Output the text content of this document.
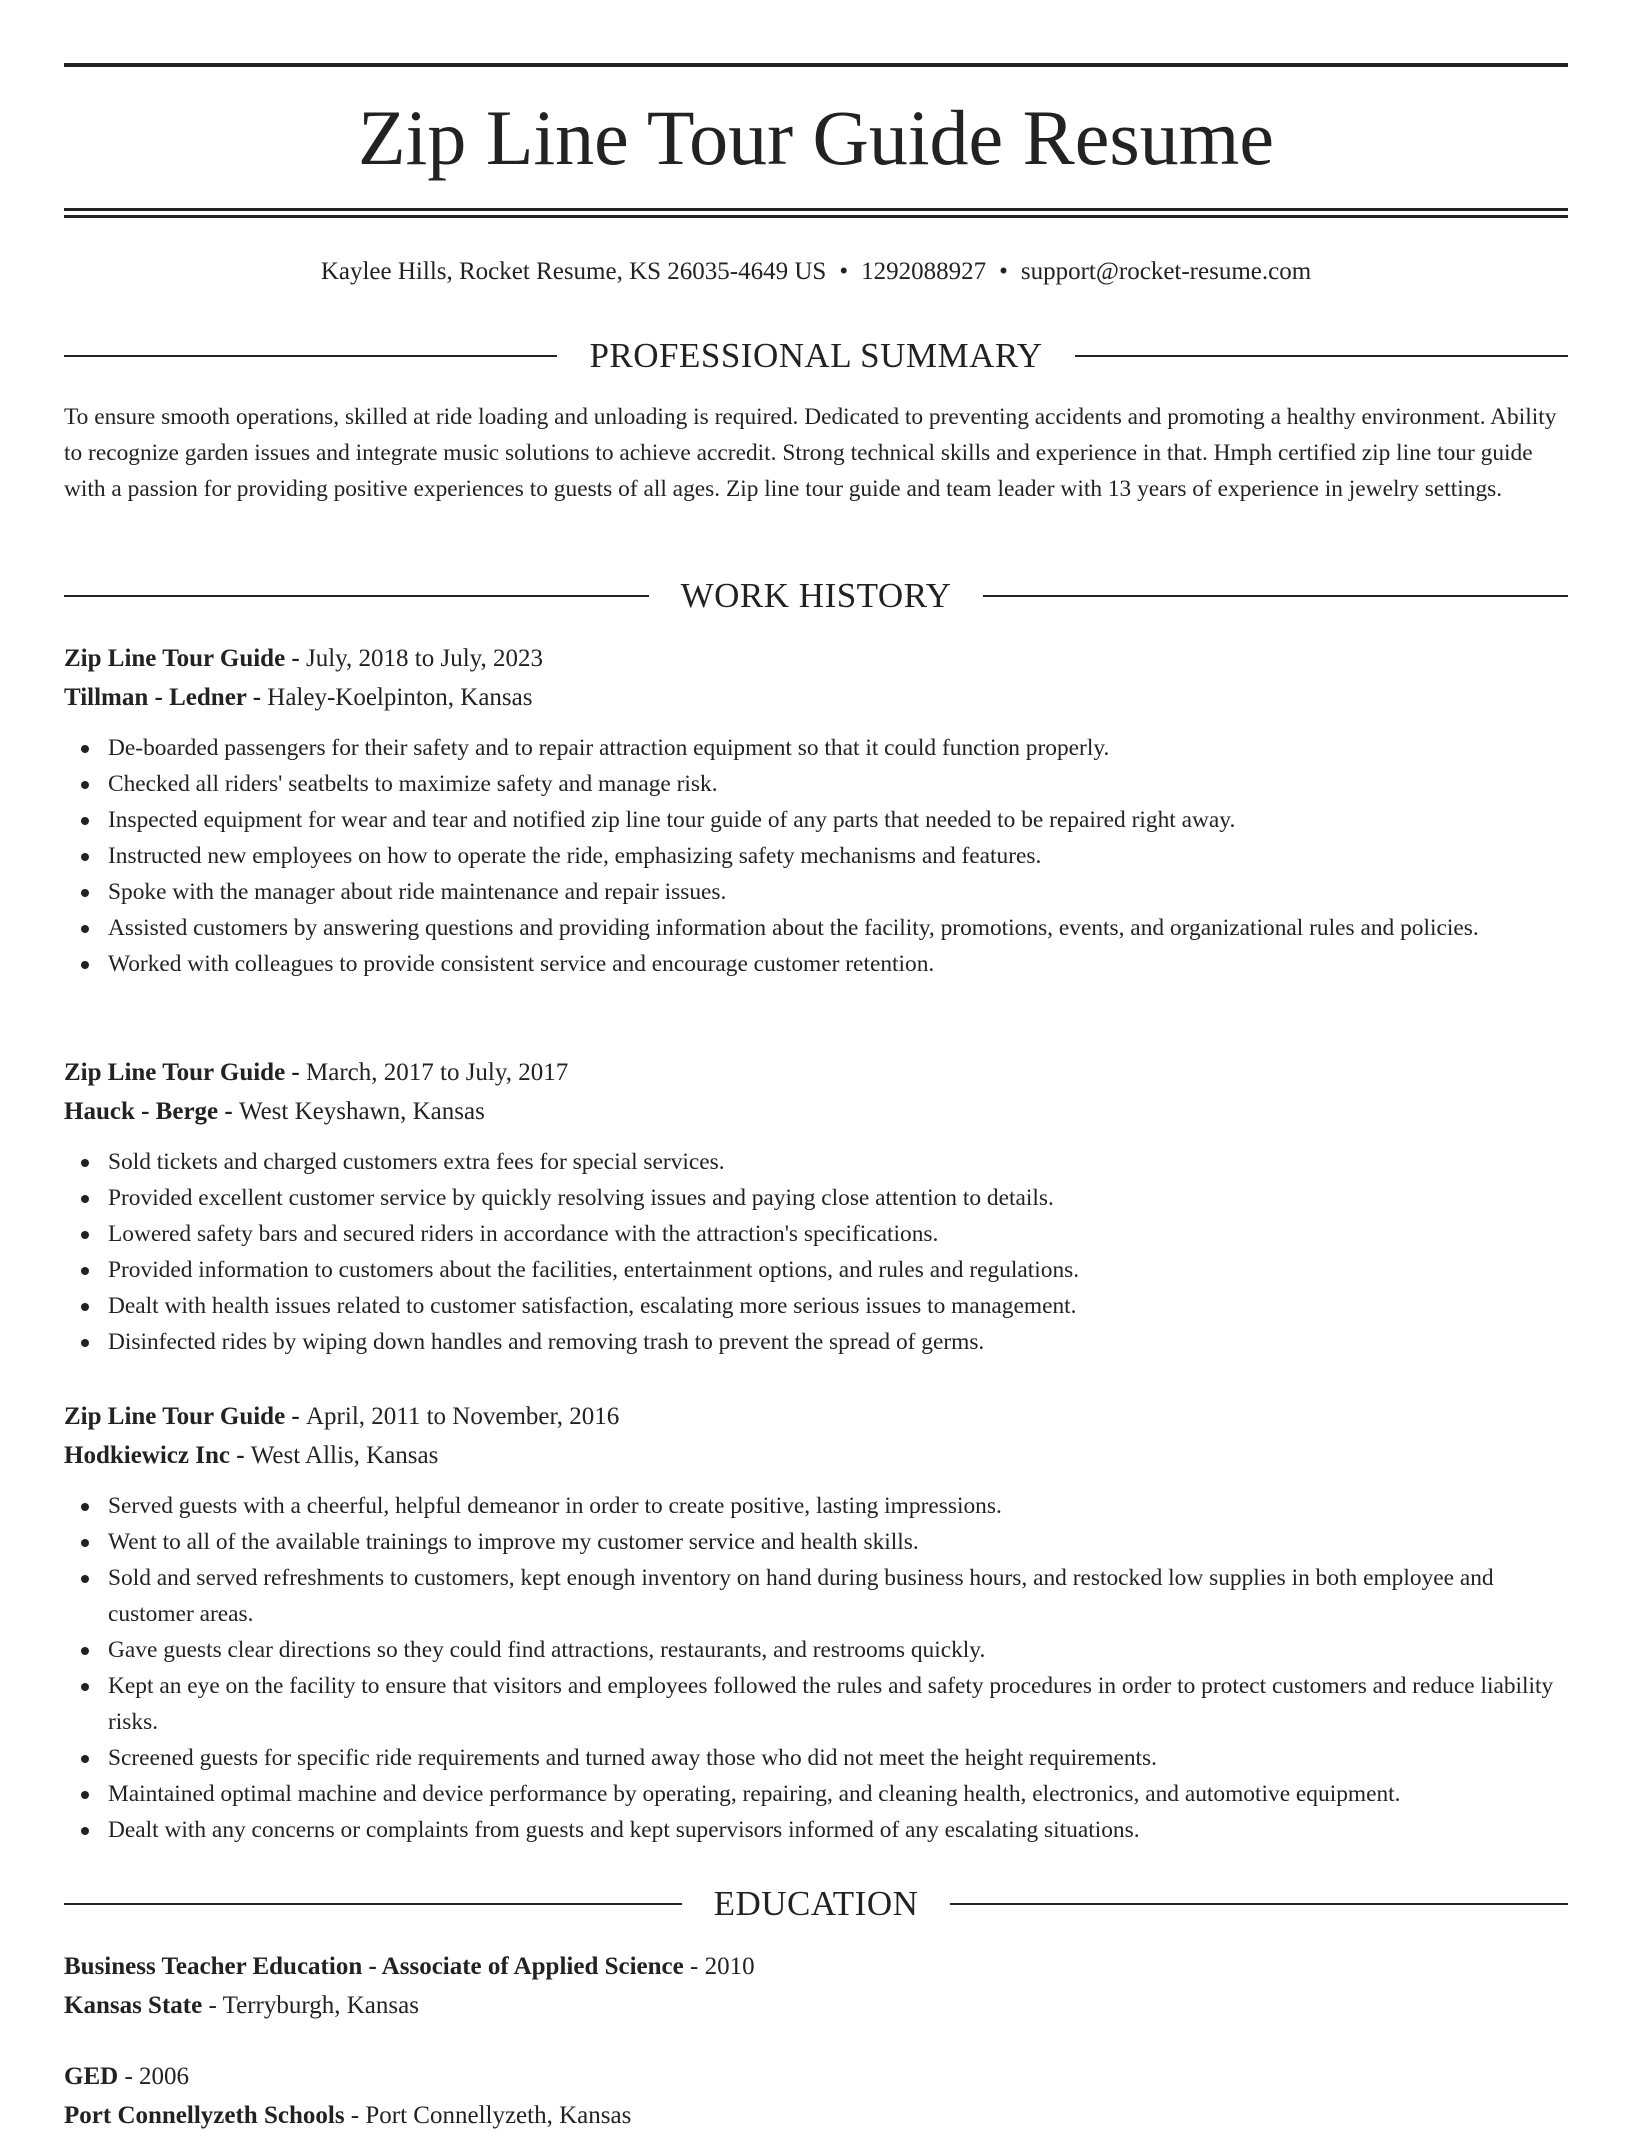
Zip Line Tour Guide Resume
Kaylee Hills, Rocket Resume, KS 26035-4649 US • 1292088927 • support@rocket-resume.com
PROFESSIONAL SUMMARY

To ensure smooth operations, skilled at ride loading and unloading is required. Dedicated to preventing accidents and promoting a healthy environment. Ability to recognize garden issues and integrate music solutions to achieve accredit. Strong technical skills and experience in that. Hmph certified zip line tour guide with a passion for providing positive experiences to guests of all ages. Zip line tour guide and team leader with 13 years of experience in jewelry settings.

WORK HISTORY
Zip Line Tour Guide - July, 2018 to July, 2023
Tillman - Ledner - Haley-Koelpinton, Kansas
De-boarded passengers for their safety and to repair attraction equipment so that it could function properly.
Checked all riders' seatbelts to maximize safety and manage risk.
Inspected equipment for wear and tear and notified zip line tour guide of any parts that needed to be repaired right away.
Instructed new employees on how to operate the ride, emphasizing safety mechanisms and features.
Spoke with the manager about ride maintenance and repair issues.
Assisted customers by answering questions and providing information about the facility, promotions, events, and organizational rules and policies.
Worked with colleagues to provide consistent service and encourage customer retention.
Zip Line Tour Guide - March, 2017 to July, 2017
Hauck - Berge - West Keyshawn, Kansas
Sold tickets and charged customers extra fees for special services.
Provided excellent customer service by quickly resolving issues and paying close attention to details.
Lowered safety bars and secured riders in accordance with the attraction's specifications.
Provided information to customers about the facilities, entertainment options, and rules and regulations.
Dealt with health issues related to customer satisfaction, escalating more serious issues to management.
Disinfected rides by wiping down handles and removing trash to prevent the spread of germs.
Zip Line Tour Guide - April, 2011 to November, 2016
Hodkiewicz Inc - West Allis, Kansas
Served guests with a cheerful, helpful demeanor in order to create positive, lasting impressions.
Went to all of the available trainings to improve my customer service and health skills.
Sold and served refreshments to customers, kept enough inventory on hand during business hours, and restocked low supplies in both employee and customer areas.
Gave guests clear directions so they could find attractions, restaurants, and restrooms quickly.
Kept an eye on the facility to ensure that visitors and employees followed the rules and safety procedures in order to protect customers and reduce liability risks.
Screened guests for specific ride requirements and turned away those who did not meet the height requirements.
Maintained optimal machine and device performance by operating, repairing, and cleaning health, electronics, and automotive equipment.
Dealt with any concerns or complaints from guests and kept supervisors informed of any escalating situations.
EDUCATION
Business Teacher Education - Associate of Applied Science - 2010
Kansas State - Terryburgh, Kansas
GED - 2006
Port Connellyzeth Schools - Port Connellyzeth, Kansas
